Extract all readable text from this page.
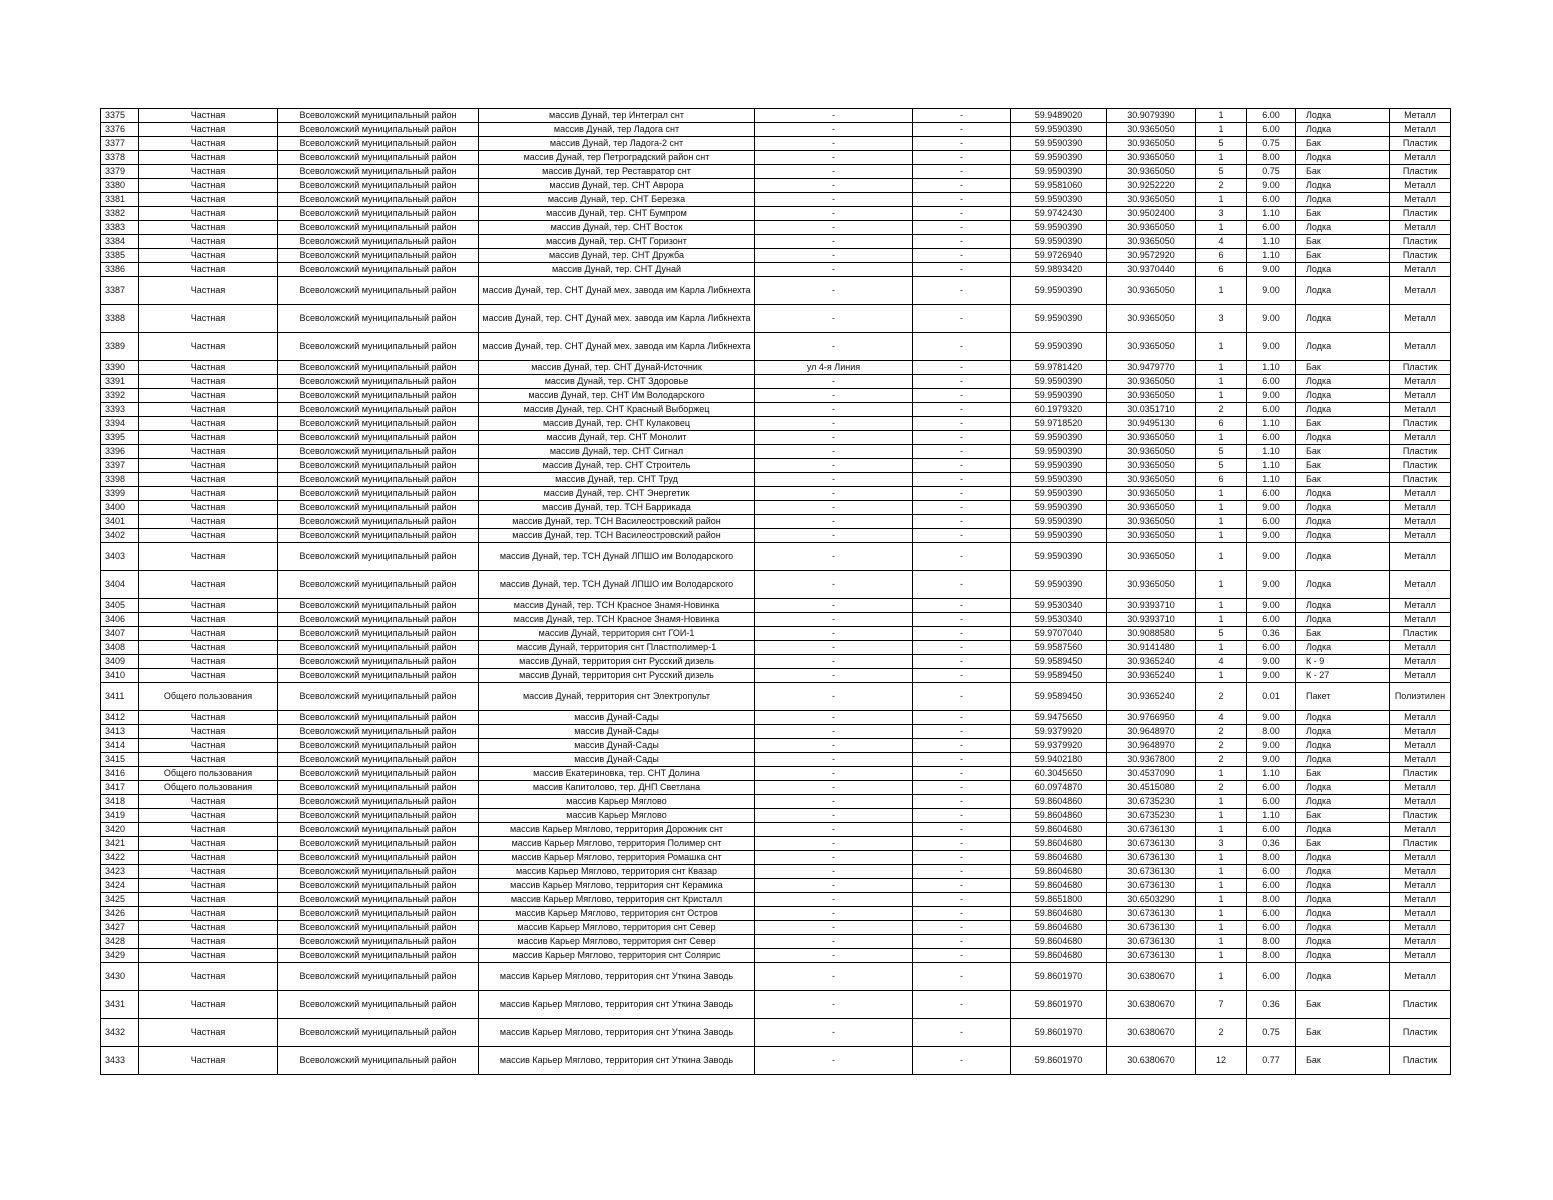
3375	Частная	Всеволожский муниципальный район	массив Дунай, тер Интеграл снт	-	-	59.9489020	30.9079390	1	6.00	Лодка	Металл
3376	Частная	Всеволожский муниципальный район	массив Дунай, тер Ладога снт	-	-	59.9590390	30.9365050	1	6.00	Лодка	Металл
3377	Частная	Всеволожский муниципальный район	массив Дунай, тер Ладога-2 снт	-	-	59.9590390	30.9365050	5	0.75	Бак	Пластик
3378	Частная	Всеволожский муниципальный район	массив Дунай, тер Петроградский район снт	-	-	59.9590390	30.9365050	1	8.00	Лодка	Металл
3379	Частная	Всеволожский муниципальный район	массив Дунай, тер Реставратор снт	-	-	59.9590390	30.9365050	5	0.75	Бак	Пластик
3380	Частная	Всеволожский муниципальный район	массив Дунай, тер. СНТ Аврора	-	-	59.9581060	30.9252220	2	9.00	Лодка	Металл
3381	Частная	Всеволожский муниципальный район	массив Дунай, тер. СНТ Березка	-	-	59.9590390	30.9365050	1	6.00	Лодка	Металл
3382	Частная	Всеволожский муниципальный район	массив Дунай, тер. СНТ Бумпром	-	-	59.9742430	30.9502400	3	1.10	Бак	Пластик
3383	Частная	Всеволожский муниципальный район	массив Дунай, тер. СНТ Восток	-	-	59.9590390	30.9365050	1	6.00	Лодка	Металл
3384	Частная	Всеволожский муниципальный район	массив Дунай, тер. СНТ Горизонт	-	-	59.9590390	30.9365050	4	1.10	Бак	Пластик
3385	Частная	Всеволожский муниципальный район	массив Дунай, тер. СНТ Дружба	-	-	59.9726940	30.9572920	6	1.10	Бак	Пластик
3386	Частная	Всеволожский муниципальный район	массив Дунай, тер. СНТ Дунай	-	-	59.9893420	30.9370440	6	9.00	Лодка	Металл
3387	Частная	Всеволожский муниципальный район	массив Дунай, тер. СНТ Дунай мех. завода им Карла Либкнехта	-	-	59.9590390	30.9365050	1	9.00	Лодка	Металл
3388	Частная	Всеволожский муниципальный район	массив Дунай, тер. СНТ Дунай мех. завода им Карла Либкнехта	-	-	59.9590390	30.9365050	3	9.00	Лодка	Металл
3389	Частная	Всеволожский муниципальный район	массив Дунай, тер. СНТ Дунай мех. завода им Карла Либкнехта	-	-	59.9590390	30.9365050	1	9.00	Лодка	Металл
3390	Частная	Всеволожский муниципальный район	массив Дунай, тер. СНТ Дунай-Источник	ул 4-я Линия	-	59.9781420	30.9479770	1	1.10	Бак	Пластик
3391	Частная	Всеволожский муниципальный район	массив Дунай, тер. СНТ Здоровье	-	-	59.9590390	30.9365050	1	6.00	Лодка	Металл
3392	Частная	Всеволожский муниципальный район	массив Дунай, тер. СНТ Им Володарского	-	-	59.9590390	30.9365050	1	9.00	Лодка	Металл
3393	Частная	Всеволожский муниципальный район	массив Дунай, тер. СНТ Красный Выборжец	-	-	60.1979320	30.0351710	2	6.00	Лодка	Металл
3394	Частная	Всеволожский муниципальный район	массив Дунай, тер. СНТ Кулаковец	-	-	59.9718520	30.9495130	6	1.10	Бак	Пластик
3395	Частная	Всеволожский муниципальный район	массив Дунай, тер. СНТ Монолит	-	-	59.9590390	30.9365050	1	6.00	Лодка	Металл
3396	Частная	Всеволожский муниципальный район	массив Дунай, тер. СНТ Сигнал	-	-	59.9590390	30.9365050	5	1.10	Бак	Пластик
3397	Частная	Всеволожский муниципальный район	массив Дунай, тер. СНТ Строитель	-	-	59.9590390	30.9365050	5	1.10	Бак	Пластик
3398	Частная	Всеволожский муниципальный район	массив Дунай, тер. СНТ Труд	-	-	59.9590390	30.9365050	6	1.10	Бак	Пластик
3399	Частная	Всеволожский муниципальный район	массив Дунай, тер. СНТ Энергетик	-	-	59.9590390	30.9365050	1	6.00	Лодка	Металл
3400	Частная	Всеволожский муниципальный район	массив Дунай, тер. ТСН Баррикада	-	-	59.9590390	30.9365050	1	9.00	Лодка	Металл
3401	Частная	Всеволожский муниципальный район	массив Дунай, тер. ТСН Василеостровский район	-	-	59.9590390	30.9365050	1	6.00	Лодка	Металл
3402	Частная	Всеволожский муниципальный район	массив Дунай, тер. ТСН Василеостровский район	-	-	59.9590390	30.9365050	1	9.00	Лодка	Металл
3403	Частная	Всеволожский муниципальный район	массив Дунай, тер. ТСН Дунай ЛПШО им Володарского	-	-	59.9590390	30.9365050	1	9.00	Лодка	Металл
3404	Частная	Всеволожский муниципальный район	массив Дунай, тер. ТСН Дунай ЛПШО им Володарского	-	-	59.9590390	30.9365050	1	9.00	Лодка	Металл
3405	Частная	Всеволожский муниципальный район	массив Дунай, тер. ТСН Красное Знамя-Новинка	-	-	59.9530340	30.9393710	1	9.00	Лодка	Металл
3406	Частная	Всеволожский муниципальный район	массив Дунай, тер. ТСН Красное Знамя-Новинка	-	-	59.9530340	30.9393710	1	6.00	Лодка	Металл
3407	Частная	Всеволожский муниципальный район	массив Дунай, территория снт ГОИ-1	-	-	59.9707040	30.9088580	5	0.36	Бак	Пластик
3408	Частная	Всеволожский муниципальный район	массив Дунай, территория снт Пластполимер-1	-	-	59.9587560	30.9141480	1	6.00	Лодка	Металл
3409	Частная	Всеволожский муниципальный район	массив Дунай, территория снт Русский дизель	-	-	59.9589450	30.9365240	4	9.00	К - 9	Металл
3410	Частная	Всеволожский муниципальный район	массив Дунай, территория снт Русский дизель	-	-	59.9589450	30.9365240	1	9.00	К - 27	Металл
3411	Общего пользования	Всеволожский муниципальный район	массив Дунай, территория снт Электропульт	-	-	59.9589450	30.9365240	2	0.01	Пакет	Полиэтилен
3412	Частная	Всеволожский муниципальный район	массив Дунай-Сады	-	-	59.9475650	30.9766950	4	9.00	Лодка	Металл
3413	Частная	Всеволожский муниципальный район	массив Дунай-Сады	-	-	59.9379920	30.9648970	2	8.00	Лодка	Металл
3414	Частная	Всеволожский муниципальный район	массив Дунай-Сады	-	-	59.9379920	30.9648970	2	9.00	Лодка	Металл
3415	Частная	Всеволожский муниципальный район	массив Дунай-Сады	-	-	59.9402180	30.9367800	2	9.00	Лодка	Металл
3416	Общего пользования	Всеволожский муниципальный район	массив Екатериновка, тер. СНТ Долина	-	-	60.3045650	30.4537090	1	1.10	Бак	Пластик
3417	Общего пользования	Всеволожский муниципальный район	массив Капитолово, тер. ДНП Светлана	-	-	60.0974870	30.4515080	2	6.00	Лодка	Металл
3418	Частная	Всеволожский муниципальный район	массив Карьер Мяглово	-	-	59.8604860	30.6735230	1	6.00	Лодка	Металл
3419	Частная	Всеволожский муниципальный район	массив Карьер Мяглово	-	-	59.8604860	30.6735230	1	1.10	Бак	Пластик
3420	Частная	Всеволожский муниципальный район	массив Карьер Мяглово, территория Дорожник снт	-	-	59.8604680	30.6736130	1	6.00	Лодка	Металл
3421	Частная	Всеволожский муниципальный район	массив Карьер Мяглово, территория Полимер снт	-	-	59.8604680	30.6736130	3	0.36	Бак	Пластик
3422	Частная	Всеволожский муниципальный район	массив Карьер Мяглово, территория Ромашка снт	-	-	59.8604680	30.6736130	1	8.00	Лодка	Металл
3423	Частная	Всеволожский муниципальный район	массив Карьер Мяглово, территория снт Квазар	-	-	59.8604680	30.6736130	1	6.00	Лодка	Металл
3424	Частная	Всеволожский муниципальный район	массив Карьер Мяглово, территория снт Керамика	-	-	59.8604680	30.6736130	1	6.00	Лодка	Металл
3425	Частная	Всеволожский муниципальный район	массив Карьер Мяглово, территория снт Кристалл	-	-	59.8651800	30.6503290	1	8.00	Лодка	Металл
3426	Частная	Всеволожский муниципальный район	массив Карьер Мяглово, территория снт Остров	-	-	59.8604680	30.6736130	1	6.00	Лодка	Металл
3427	Частная	Всеволожский муниципальный район	массив Карьер Мяглово, территория снт Север	-	-	59.8604680	30.6736130	1	6.00	Лодка	Металл
3428	Частная	Всеволожский муниципальный район	массив Карьер Мяглово, территория снт Север	-	-	59.8604680	30.6736130	1	8.00	Лодка	Металл
3429	Частная	Всеволожский муниципальный район	массив Карьер Мяглово, территория снт Солярис	-	-	59.8604680	30.6736130	1	8.00	Лодка	Металл
3430	Частная	Всеволожский муниципальный район	массив Карьер Мяглово, территория снт Уткина Заводь	-	-	59.8601970	30.6380670	1	6.00	Лодка	Металл
3431	Частная	Всеволожский муниципальный район	массив Карьер Мяглово, территория снт Уткина Заводь	-	-	59.8601970	30.6380670	7	0.36	Бак	Пластик
3432	Частная	Всеволожский муниципальный район	массив Карьер Мяглово, территория снт Уткина Заводь	-	-	59.8601970	30.6380670	2	0.75	Бак	Пластик
3433	Частная	Всеволожский муниципальный район	массив Карьер Мяглово, территория снт Уткина Заводь	-	-	59.8601970	30.6380670	12	0.77	Бак	Пластик
